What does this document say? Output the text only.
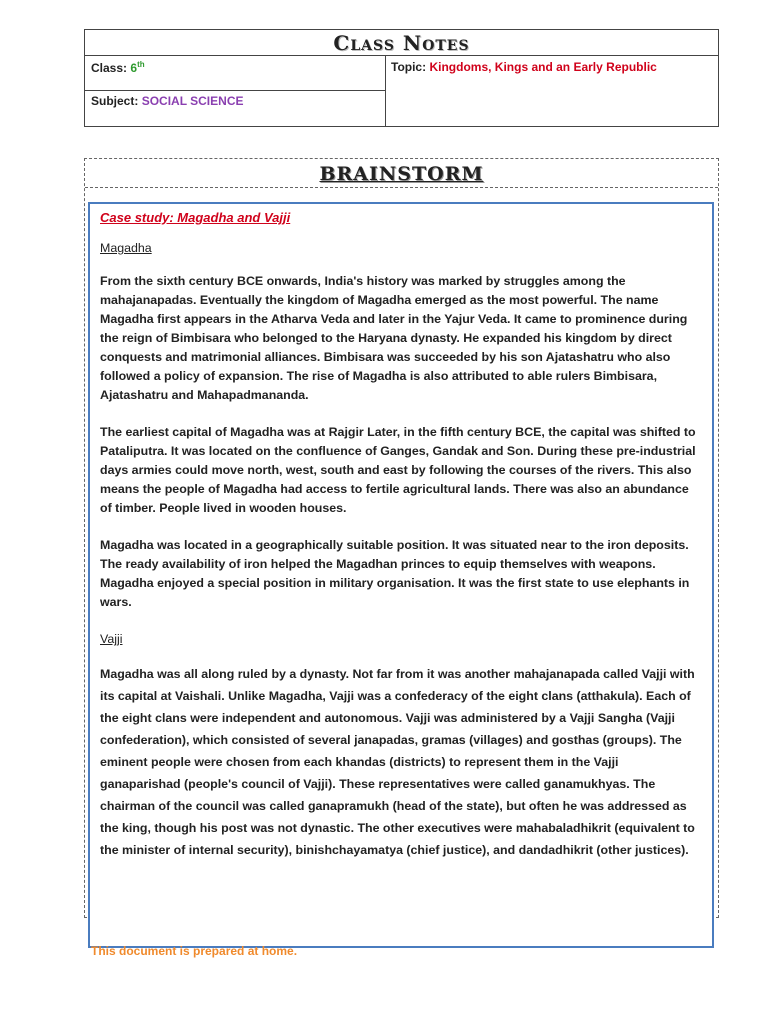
Class Notes
Class: 6th	Topic: Kingdoms, Kings and an Early Republic
Subject: SOCIAL SCIENCE
BRAINSTORM
Case study: Magadha and Vajji
Magadha

From the sixth century BCE onwards, India's history was marked by struggles among the mahajanapadas. Eventually the kingdom of Magadha emerged as the most powerful. The name Magadha first appears in the Atharva Veda and later in the Yajur Veda. It came to prominence during the reign of Bimbisara who belonged to the Haryana dynasty. He expanded his kingdom by direct conquests and matrimonial alliances. Bimbisara was succeeded by his son Ajatashatru who also followed a policy of expansion. The rise of Magadha is also attributed to able rulers Bimbisara, Ajatashatru and Mahapadmananda.

The earliest capital of Magadha was at Rajgir Later, in the fifth century BCE, the capital was shifted to Pataliputra. It was located on the confluence of Ganges, Gandak and Son. During these pre-industrial days armies could move north, west, south and east by following the courses of the rivers. This also means the people of Magadha had access to fertile agricultural lands. There was also an abundance of timber. People lived in wooden houses.

Magadha was located in a geographically suitable position. It was situated near to the iron deposits. The ready availability of iron helped the Magadhan princes to equip themselves with weapons.

Magadha enjoyed a special position in military organisation. It was the first state to use elephants in wars.

Vajji

Magadha was all along ruled by a dynasty. Not far from it was another mahajanapada called Vajji with its capital at Vaishali. Unlike Magadha, Vajji was a confederacy of the eight clans (atthakula). Each of the eight clans were independent and autonomous. Vajji was administered by a Vajji Sangha (Vajji confederation), which consisted of several janapadas, gramas (villages) and gosthas (groups). The eminent people were chosen from each khandas (districts) to represent them in the Vajji ganaparishad (people's council of Vajji). These representatives were called ganamukhyas. The chairman of the council was called ganapramukh (head of the state), but often he was addressed as the king, though his post was not dynastic. The other executives were mahabaladhikrit (equivalent to the minister of internal security), binishchayamatya (chief justice), and dandadhikrit (other justices).

This document is prepared at home.
